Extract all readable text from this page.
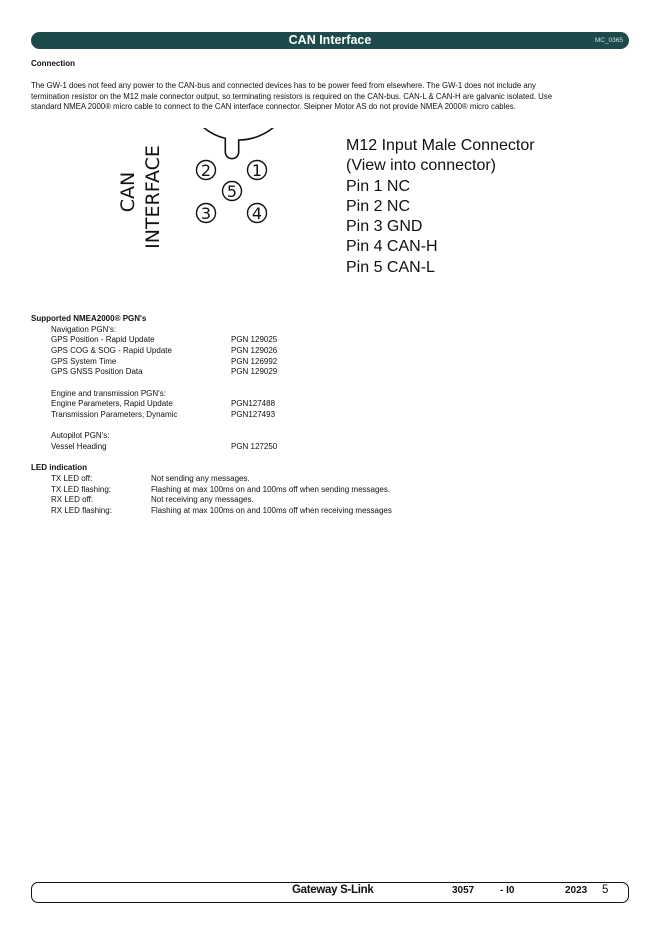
CAN Interface	MC_0365
Connection
The GW-1 does not feed any power to the CAN-bus and connected devices has to be power feed from elsewhere. The GW-1 does not include any
termination resistor on the M12 male connector output, so terminating resistors is required on the CAN-bus. CAN-L & CAN-H are galvanic isolated. Use
standard NMEA 2000® micro cable to connect to the CAN interface connector. Sleipner Motor AS do not provide NMEA 2000® micro cables.
CAN INTERFACE 2	1
5
3	4
M12 Input Male Connector
(View into connector)
Pin 1 NC
Pin 2 NC
Pin 3 GND
Pin 4 CAN-H
Pin 5 CAN-L
Supported NMEA2000® PGN's
Navigation PGN's:
GPS Position - Rapid Update	PGN 129025
GPS COG & SOG - Rapid Update	PGN 129026
GPS System Time	PGN 126992
GPS GNSS Position Data	PGN 129029
Engine and transmission PGN's:
Engine Parameters, Rapid Update	PGN127488
Transmission Parameters, Dynamic	PGN127493
Autopilot PGN's:
Vessel Heading	PGN 127250
LED indication
TX LED off:	Not sending any messages.
TX LED flashing:	Flashing at max 100ms on and 100ms off when sending messages.
RX LED off:	Not receiving any messages.
RX LED flashing:	Flashing at max 100ms on and 100ms off when receiving messages
Gateway S-Link	3057	- I0	2023 5
